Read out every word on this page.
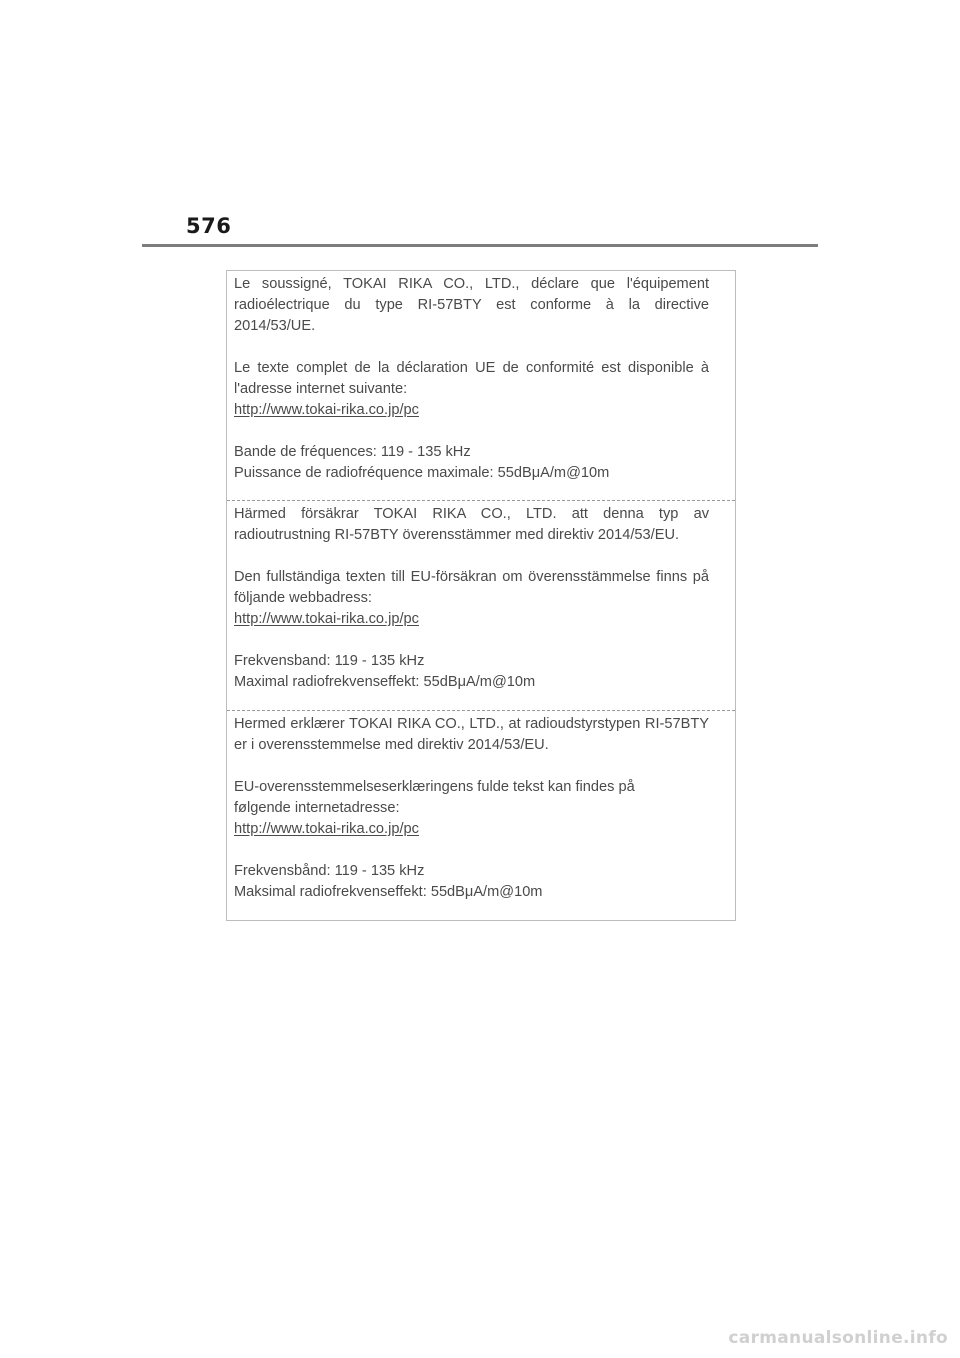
576

Le soussigné, TOKAI RIKA CO., LTD., déclare que l'équipement radioélectrique du type RI-57BTY est conforme à la directive 2014/53/UE.

Le texte complet de la déclaration UE de conformité est disponible à l'adresse internet suivante:

http://www.tokai-rika.co.jp/pc

Bande de fréquences: 119 - 135 kHz
Puissance de radiofréquence maximale: 55dBμA/m@10m

Härmed försäkrar TOKAI RIKA CO., LTD. att denna typ av radioutrustning RI-57BTY överensstämmer med direktiv 2014/53/EU.

Den fullständiga texten till EU-försäkran om överensstämmelse finns på följande webbadress:

http://www.tokai-rika.co.jp/pc

Frekvensband: 119 - 135 kHz
Maximal radiofrekvenseffekt: 55dBμA/m@10m

Hermed erklærer TOKAI RIKA CO., LTD., at radioudstyrstypen RI-57BTY er i overensstemmelse med direktiv 2014/53/EU.

EU-overensstemmelseserklæringens fulde tekst kan findes på
følgende internetadresse:

http://www.tokai-rika.co.jp/pc

Frekvensbånd: 119 - 135 kHz
Maksimal radiofrekvenseffekt: 55dBμA/m@10m

carmanualsonline.info
